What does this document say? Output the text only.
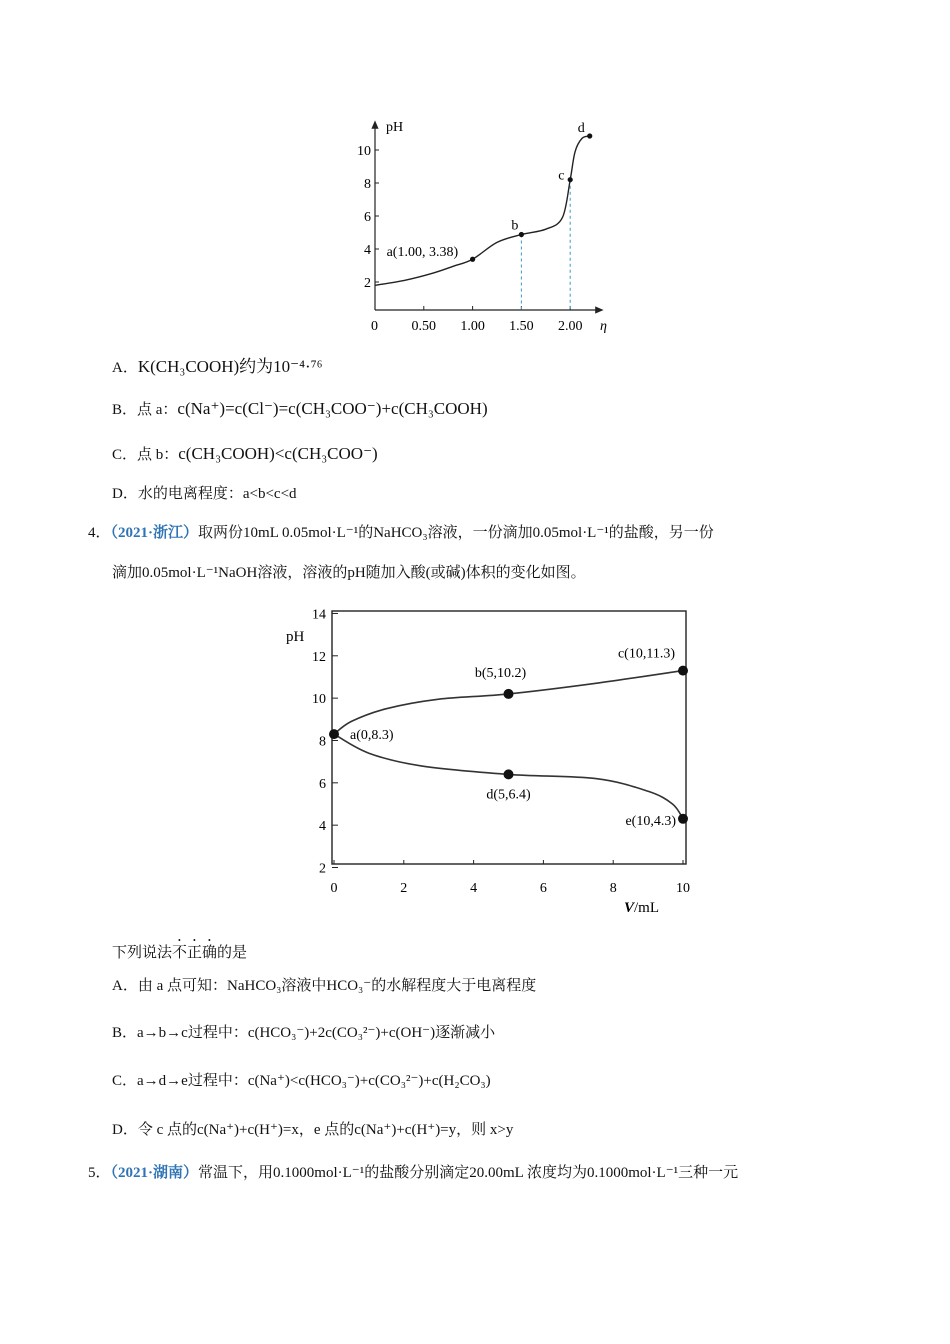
pH
η
0 0.50 1.00 1.50 2.00
2
4
6
8
10
a(1.00, 3.38)
b
c
d
A．K(CH₃COOH)约为10⁻⁴·⁷⁶
B．点 a：c(Na⁺)=c(Cl⁻)=c(CH₃COO⁻)+c(CH₃COOH)
C．点 b：c(CH₃COOH)<c(CH₃COO⁻)
D．水的电离程度：a<b<c<d
4．（2021·浙江）取两份10mL 0.05mol·L⁻¹的NaHCO₃溶液，一份滴加0.05mol·L⁻¹的盐酸，另一份
滴加0.05mol·L⁻¹NaOH溶液，溶液的pH随加入酸(或碱)体积的变化如图。
pH
V/mL
0	2	4	6	8	10
2
4
6
8
10
12
14
a(0,8.3)
b(5,10.2)
c(10,11.3)
d(5,6.4)
e(10,4.3)
下列说法不正确的是
A．由 a 点可知：NaHCO₃溶液中HCO₃⁻的水解程度大于电离程度
B．a→b→c过程中：c(HCO₃⁻)+2c(CO₃²⁻)+c(OH⁻)逐渐减小
C．a→d→e过程中：c(Na⁺)<c(HCO₃⁻)+c(CO₃²⁻)+c(H₂CO₃)
D．令 c 点的c(Na⁺)+c(H⁺)=x，e 点的c(Na⁺)+c(H⁺)=y，则 x>y
5．（2021·湖南）常温下，用0.1000mol·L⁻¹的盐酸分别滴定20.00mL 浓度均为0.1000mol·L⁻¹三种一元
